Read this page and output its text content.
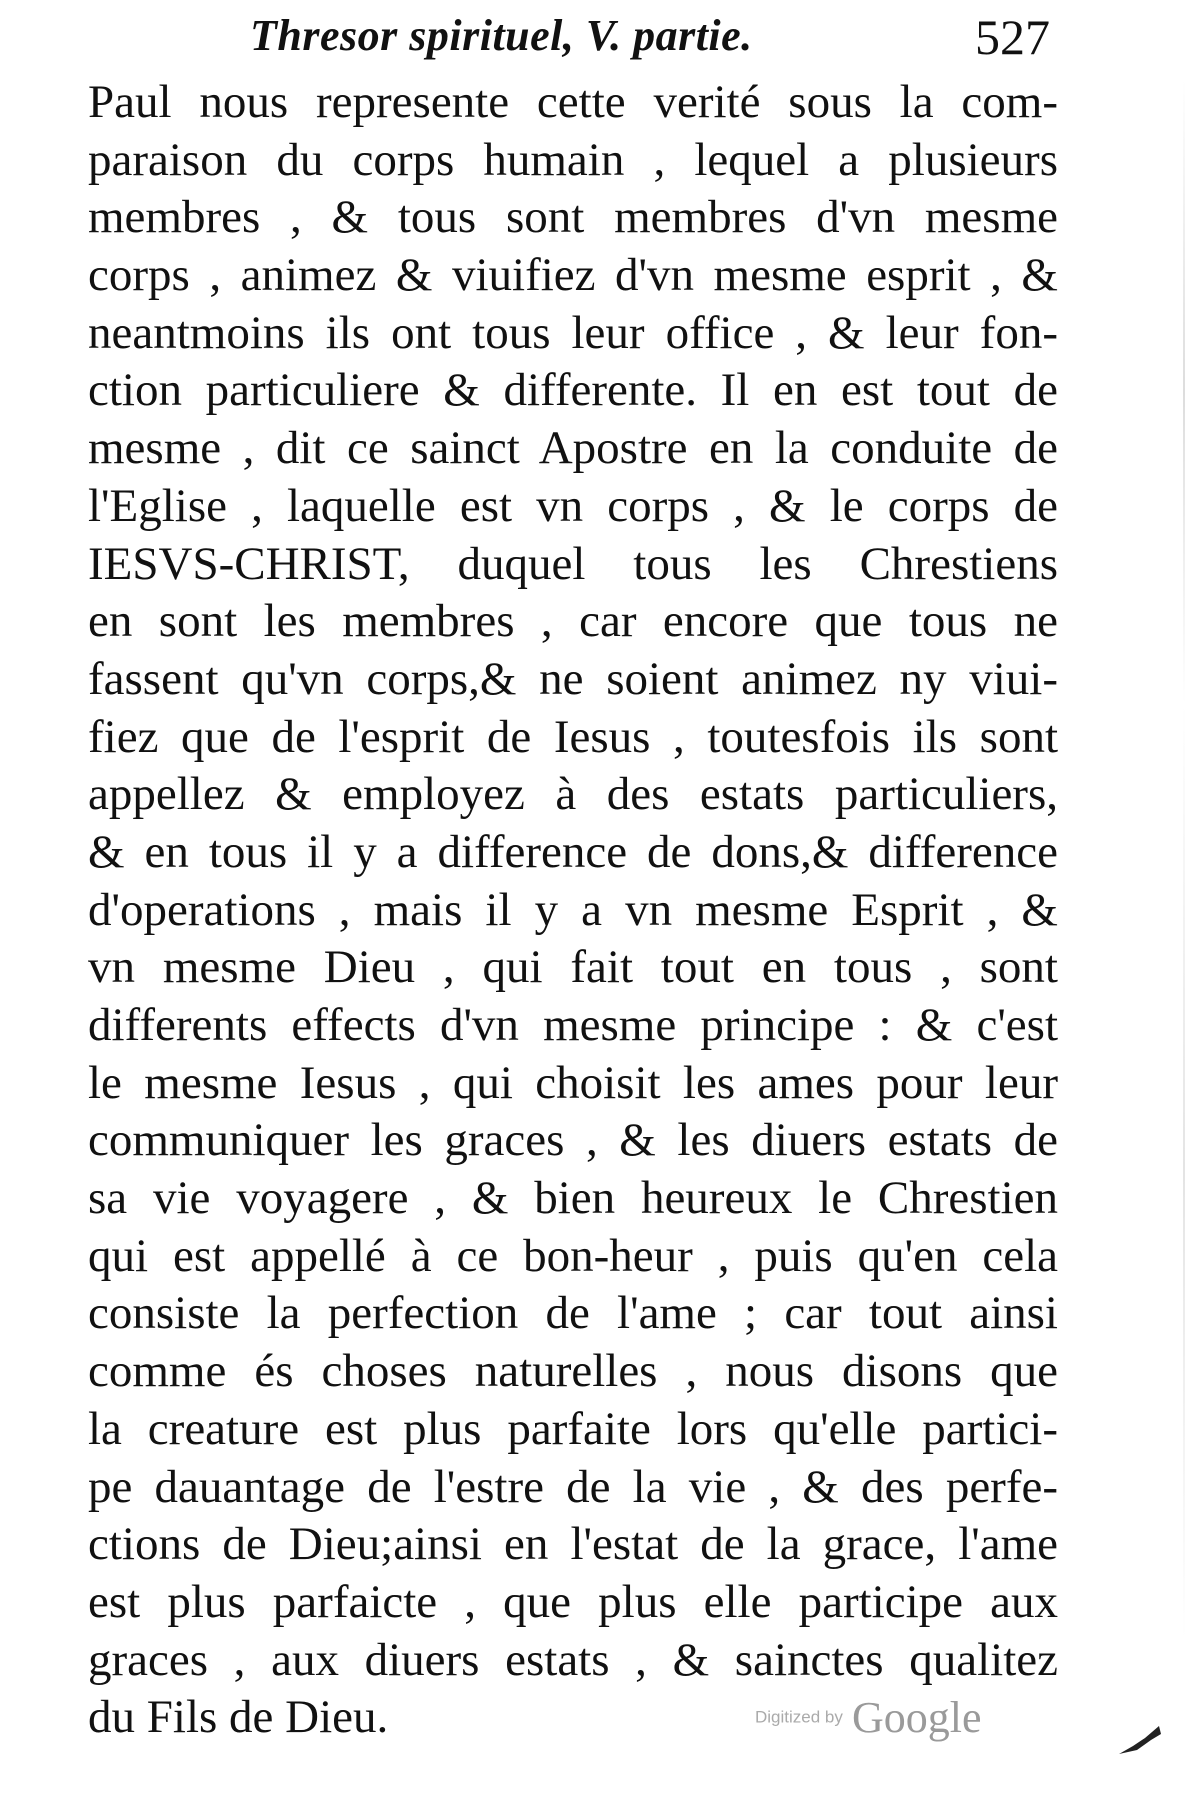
Thresor spirituel, V. partie.	527
Paul nous represente cette verité sous la com-
paraison du corps humain , lequel a plusieurs
membres , & tous sont membres d'vn mesme
corps , animez & viuifiez d'vn mesme esprit , &
neantmoins ils ont tous leur office , & leur fon-
ction particuliere & differente. Il en est tout de
mesme , dit ce sainct Apostre en la conduite de
l'Eglise , laquelle est vn corps , & le corps de
IESVS-CHRIST, duquel tous les Chrestiens
en sont les membres , car encore que tous ne
fassent qu'vn corps,& ne soient animez ny viui-
fiez que de l'esprit de Iesus , toutesfois ils sont
appellez & employez à des estats particuliers,
& en tous il y a difference de dons,& difference
d'operations , mais il y a vn mesme Esprit , &
vn mesme Dieu , qui fait tout en tous , sont
differents effects d'vn mesme principe : & c'est
le mesme Iesus , qui choisit les ames pour leur
communiquer les graces , & les diuers estats de
sa vie voyagere , & bien heureux le Chrestien
qui est appellé à ce bon-heur , puis qu'en cela
consiste la perfection de l'ame ; car tout ainsi
comme és choses naturelles , nous disons que
la creature est plus parfaite lors qu'elle partici-
pe dauantage de l'estre de la vie , & des perfe-
ctions de Dieu;ainsi en l'estat de la grace, l'ame
est plus parfaicte , que plus elle participe aux
graces , aux diuers estats , & sainctes qualitez
du Fils de Dieu.	Digitized by Google
